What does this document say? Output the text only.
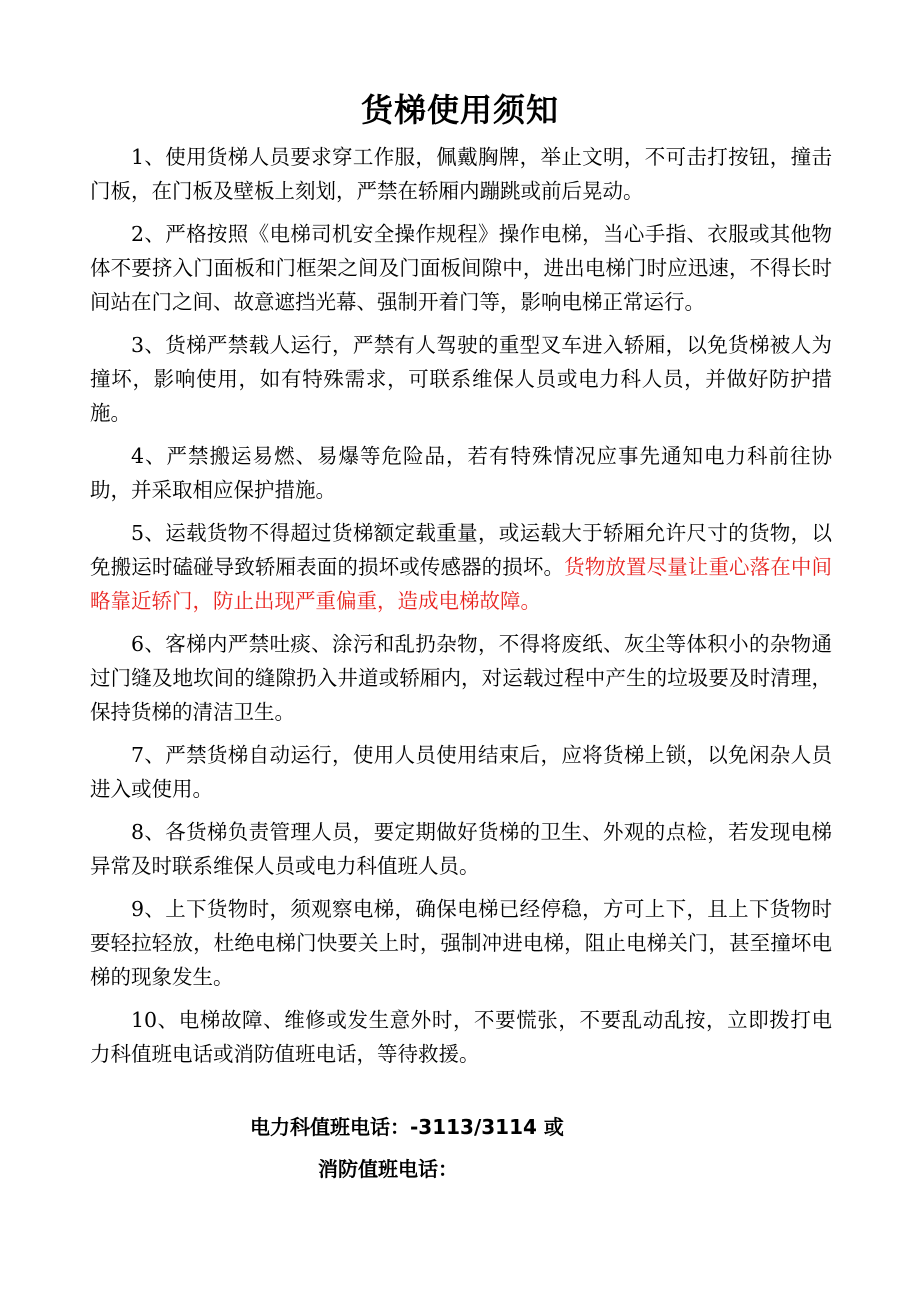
货梯使用须知

1、使用货梯人员要求穿工作服，佩戴胸牌，举止文明，不可击打按钮，撞击门板，在门板及壁板上刻划，严禁在轿厢内蹦跳或前后晃动。

2、严格按照《电梯司机安全操作规程》操作电梯，当心手指、衣服或其他物体不要挤入门面板和门框架之间及门面板间隙中，进出电梯门时应迅速，不得长时间站在门之间、故意遮挡光幕、强制开着门等，影响电梯正常运行。

3、货梯严禁载人运行，严禁有人驾驶的重型叉车进入轿厢，以免货梯被人为撞坏，影响使用，如有特殊需求，可联系维保人员或电力科人员，并做好防护措施。

4、严禁搬运易燃、易爆等危险品，若有特殊情况应事先通知电力科前往协助，并采取相应保护措施。

5、运载货物不得超过货梯额定载重量，或运载大于轿厢允许尺寸的货物，以免搬运时磕碰导致轿厢表面的损坏或传感器的损坏。货物放置尽量让重心落在中间略靠近轿门，防止出现严重偏重，造成电梯故障。

6、客梯内严禁吐痰、涂污和乱扔杂物，不得将废纸、灰尘等体积小的杂物通过门缝及地坎间的缝隙扔入井道或轿厢内，对运载过程中产生的垃圾要及时清理，保持货梯的清洁卫生。

7、严禁货梯自动运行，使用人员使用结束后，应将货梯上锁，以免闲杂人员进入或使用。

8、各货梯负责管理人员，要定期做好货梯的卫生、外观的点检，若发现电梯异常及时联系维保人员或电力科值班人员。

9、上下货物时，须观察电梯，确保电梯已经停稳，方可上下，且上下货物时要轻拉轻放，杜绝电梯门快要关上时，强制冲进电梯，阻止电梯关门，甚至撞坏电梯的现象发生。

10、电梯故障、维修或发生意外时，不要慌张，不要乱动乱按，立即拨打电力科值班电话或消防值班电话，等待救援。

电力科值班电话：-3113/3114 或
消防值班电话：
